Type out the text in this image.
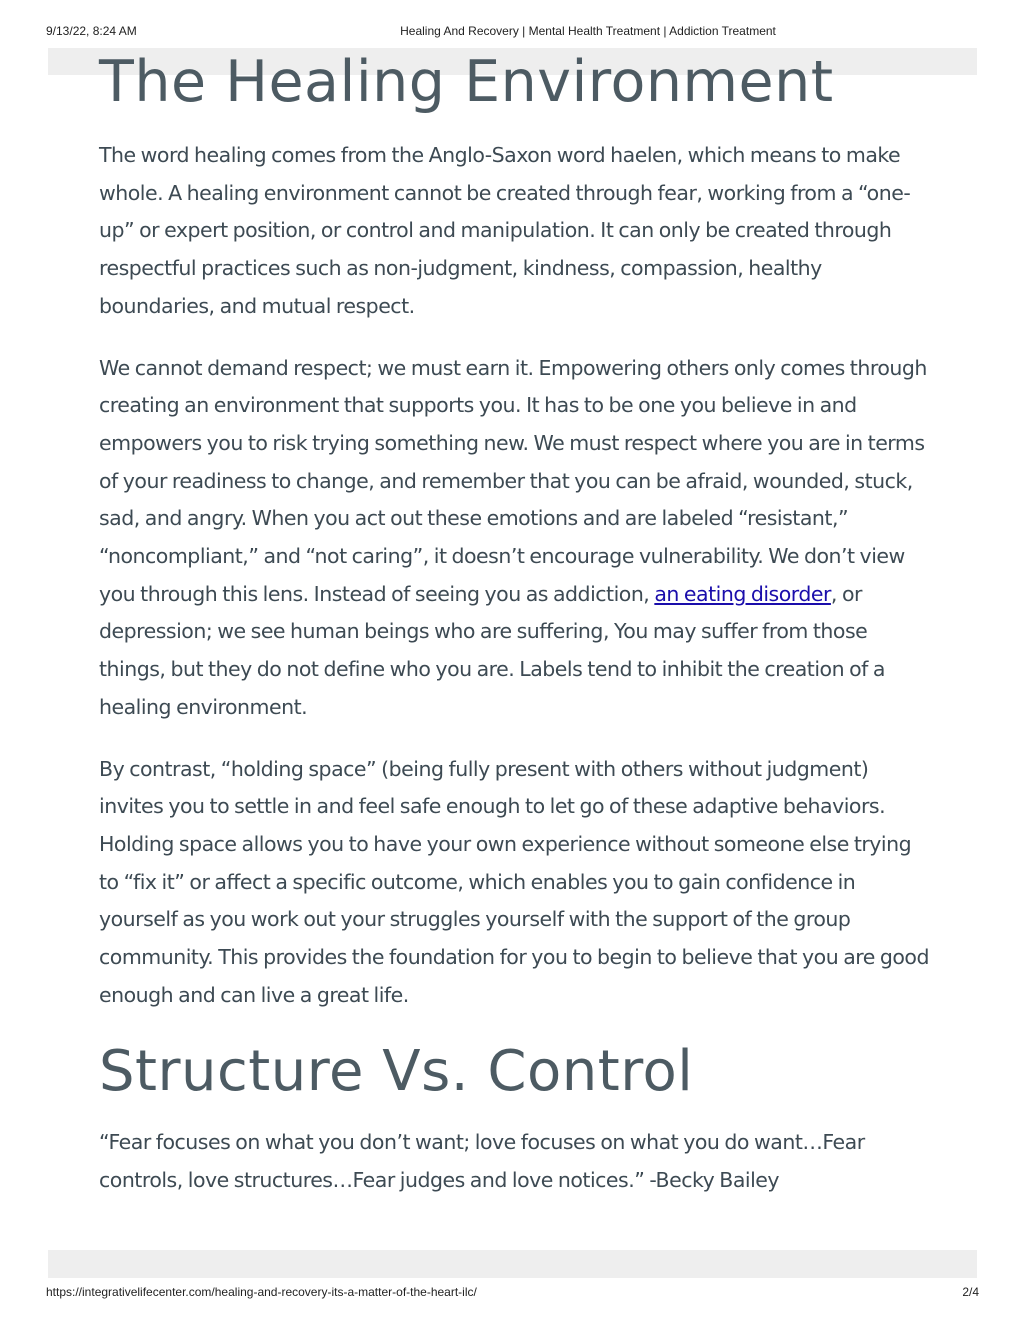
9/13/22, 8:24 AM	Healing And Recovery | Mental Health Treatment | Addiction Treatment
The Healing Environment

The word healing comes from the Anglo-Saxon word haelen, which means to make whole. A healing environment cannot be created through fear, working from a “one-up” or expert position, or control and manipulation. It can only be created through respectful practices such as non-judgment, kindness, compassion, healthy boundaries, and mutual respect.

We cannot demand respect; we must earn it. Empowering others only comes through creating an environment that supports you. It has to be one you believe in and empowers you to risk trying something new. We must respect where you are in terms of your readiness to change, and remember that you can be afraid, wounded, stuck, sad, and angry. When you act out these emotions and are labeled “resistant,” “noncompliant,” and “not caring”, it doesn’t encourage vulnerability. We don’t view you through this lens. Instead of seeing you as addiction, an eating disorder, or depression; we see human beings who are suffering, You may suffer from those things, but they do not define who you are. Labels tend to inhibit the creation of a healing environment.

By contrast, “holding space” (being fully present with others without judgment) invites you to settle in and feel safe enough to let go of these adaptive behaviors. Holding space allows you to have your own experience without someone else trying to “fix it” or affect a specific outcome, which enables you to gain confidence in yourself as you work out your struggles yourself with the support of the group community. This provides the foundation for you to begin to believe that you are good enough and can live a great life.

Structure Vs. Control

“Fear focuses on what you don’t want; love focuses on what you do want…Fear controls, love structures…Fear judges and love notices.” -Becky Bailey

https://integrativelifecenter.com/healing-and-recovery-its-a-matter-of-the-heart-ilc/	2/4
